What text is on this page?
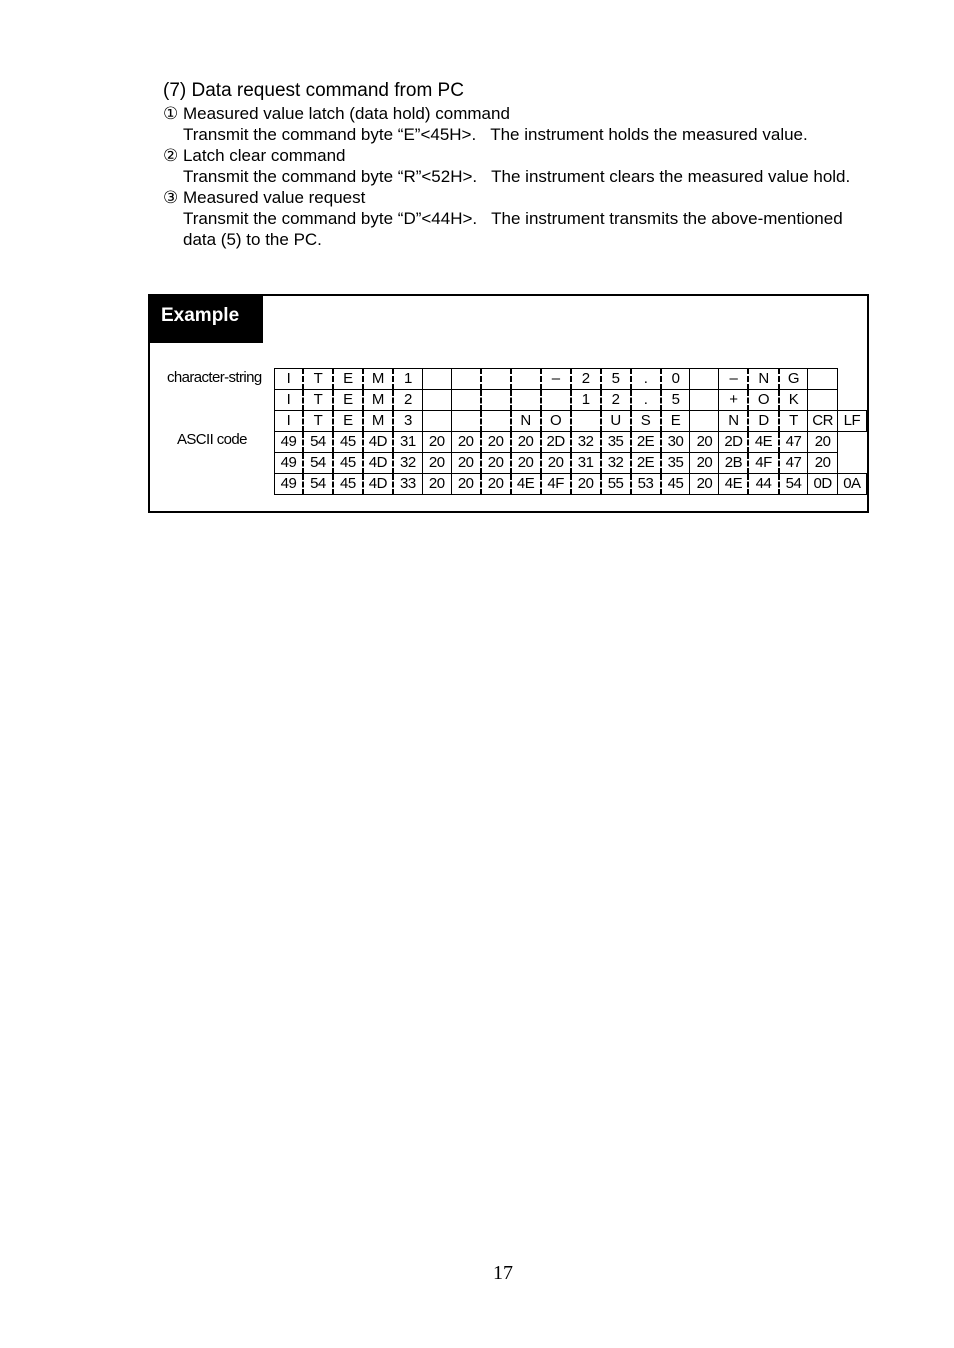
(7) Data request command from PC

① Measured value latch (data hold) command

Transmit the command byte “E”<45H>. The instrument holds the measured value.

② Latch clear command

Transmit the command byte “R”<52H>. The instrument clears the measured value hold.

③ Measured value request

Transmit the command byte “D”<44H>. The instrument transmits the above-mentioned data (5) to the PC.

Example
character-string
ASCII code
I	T	E	M	1					–	2	5	.	0		–	N	G		
I	T	E	M	2						1	2	.	5		+	O	K		
I	T	E	M	3				N	O		U	S	E		N	D	T	CR	LF
49	54	45	4D	31	20	20	20	20	2D	32	35	2E	30	20	2D	4E	47	20	
49	54	45	4D	32	20	20	20	20	20	31	32	2E	35	20	2B	4F	47	20	
49	54	45	4D	33	20	20	20	4E	4F	20	55	53	45	20	4E	44	54	0D	0A
17
